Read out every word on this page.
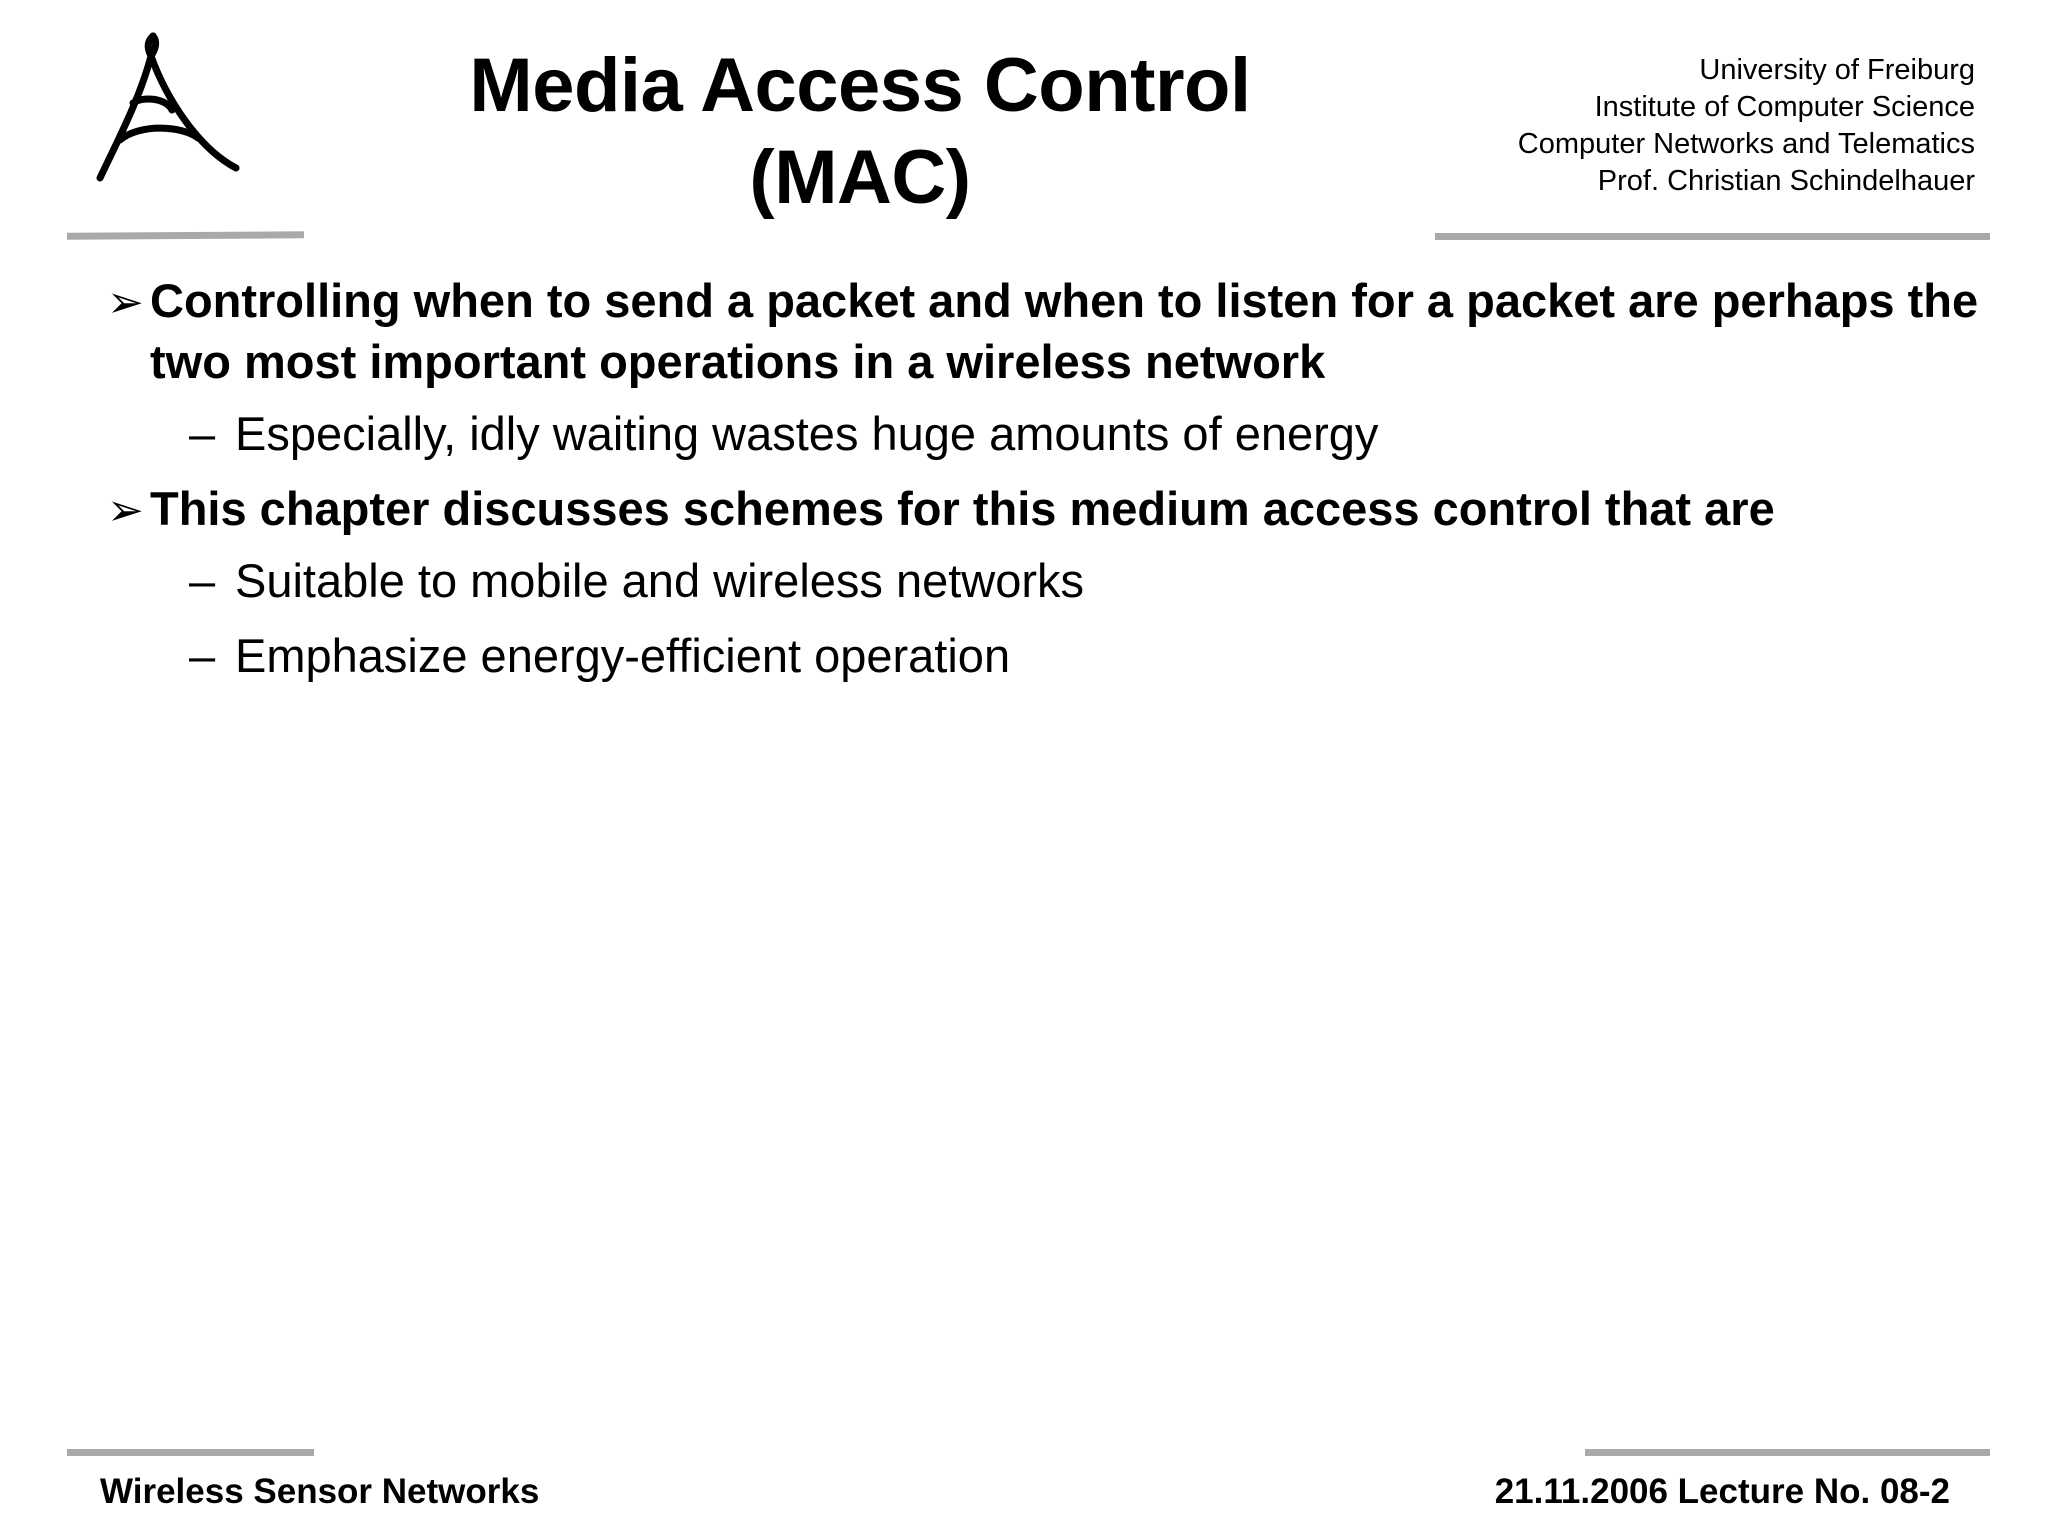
Media Access Control
(MAC)
University of Freiburg
Institute of Computer Science
Computer Networks and Telematics
Prof. Christian Schindelhauer
➢ Controlling when to send a packet and when to listen for a packet are perhaps the two most important operations in a wireless network
– Especially, idly waiting wastes huge amounts of energy
➢ This chapter discusses schemes for this medium access control that are
– Suitable to mobile and wireless networks
– Emphasize energy-efficient operation
Wireless Sensor Networks	21.11.2006 Lecture No. 08-2
